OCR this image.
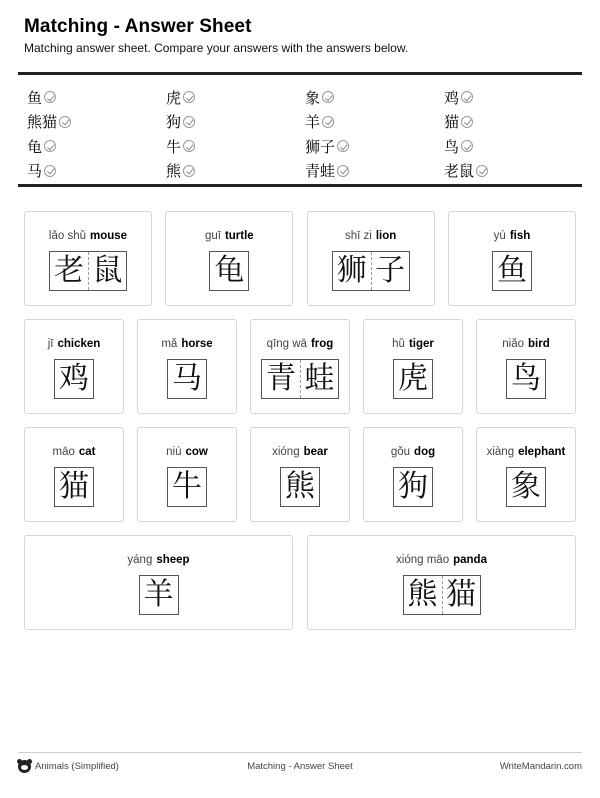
Matching - Answer Sheet
Matching answer sheet. Compare your answers with the answers below.
鱼	虎	象	鸡
熊猫	狗	羊	猫
龟	牛	狮子	鸟
马	熊	青蛙	老鼠
lǎo shǔ mouse
老 鼠
guī turtle
龟
shī zi lion
狮 子
yú fish
鱼
jī chicken
鸡
mǎ horse
马
qīng wā frog
青 蛙
hǔ tiger
虎
niǎo bird
鸟
māo cat
猫
niú cow
牛
xióng bear
熊
gǒu dog
狗
xiàng elephant
象
yáng sheep
羊
xióng māo panda
熊 猫
Animals (Simplified)	Matching - Answer Sheet	WriteMandarin.com
